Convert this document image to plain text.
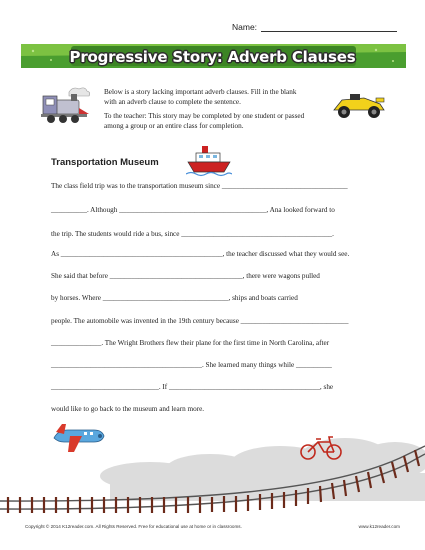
Name:
Progressive Story: Adverb Clauses

Below is a story lacking important adverb clauses. Fill in the blank with an adverb clause to complete the sentence.

To the teacher: This story may be completed by one student or passed among a group or an entire class for completion.

Transportation Museum
The class field trip was to the transportation museum since ___________________________________
__________. Although _________________________________________, Ana looked forward to
the trip. The students would ride a bus, since __________________________________________.
As _____________________________________________, the teacher discussed what they would see.
She said that before _____________________________________, there were wagons pulled
by horses. Where ___________________________________, ships and boats carried
people. The automobile was invented in the 19th century because ______________________________
______________. The Wright Brothers flew their plane for the first time in North Carolina, after
__________________________________________. She learned many things while __________
______________________________. If __________________________________________, she
would like to go back to the museum and learn more.
Copyright © 2014 K12reader.com. All Rights Reserved. Free for educational use at home or in classrooms.	www.k12reader.com
